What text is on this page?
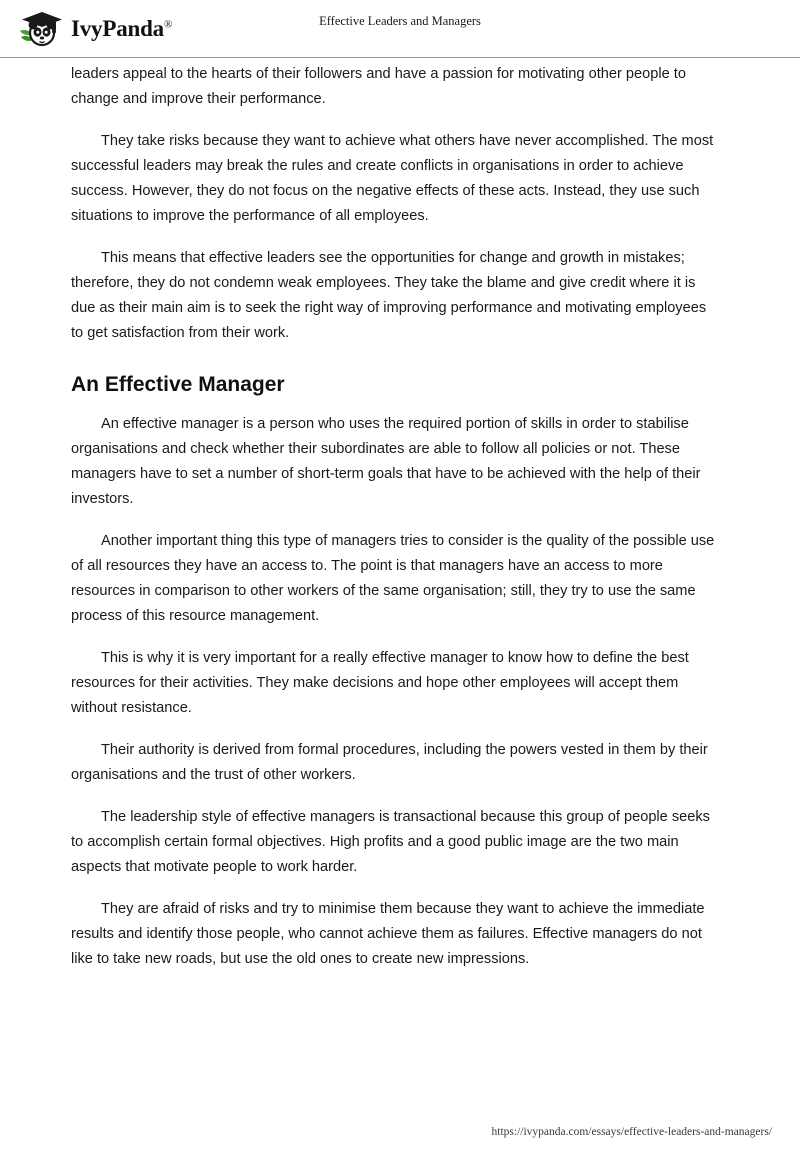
IvyPanda®	Effective Leaders and Managers

leaders appeal to the hearts of their followers and have a passion for motivating other people to change and improve their performance.

They take risks because they want to achieve what others have never accomplished. The most successful leaders may break the rules and create conflicts in organisations in order to achieve success. However, they do not focus on the negative effects of these acts. Instead, they use such situations to improve the performance of all employees.

This means that effective leaders see the opportunities for change and growth in mistakes; therefore, they do not condemn weak employees. They take the blame and give credit where it is due as their main aim is to seek the right way of improving performance and motivating employees to get satisfaction from their work.

An Effective Manager

An effective manager is a person who uses the required portion of skills in order to stabilise organisations and check whether their subordinates are able to follow all policies or not. These managers have to set a number of short-term goals that have to be achieved with the help of their investors.

Another important thing this type of managers tries to consider is the quality of the possible use of all resources they have an access to. The point is that managers have an access to more resources in comparison to other workers of the same organisation; still, they try to use the same process of this resource management.

This is why it is very important for a really effective manager to know how to define the best resources for their activities. They make decisions and hope other employees will accept them without resistance.

Their authority is derived from formal procedures, including the powers vested in them by their organisations and the trust of other workers.

The leadership style of effective managers is transactional because this group of people seeks to accomplish certain formal objectives. High profits and a good public image are the two main aspects that motivate people to work harder.

They are afraid of risks and try to minimise them because they want to achieve the immediate results and identify those people, who cannot achieve them as failures. Effective managers do not like to take new roads, but use the old ones to create new impressions.

https://ivypanda.com/essays/effective-leaders-and-managers/
